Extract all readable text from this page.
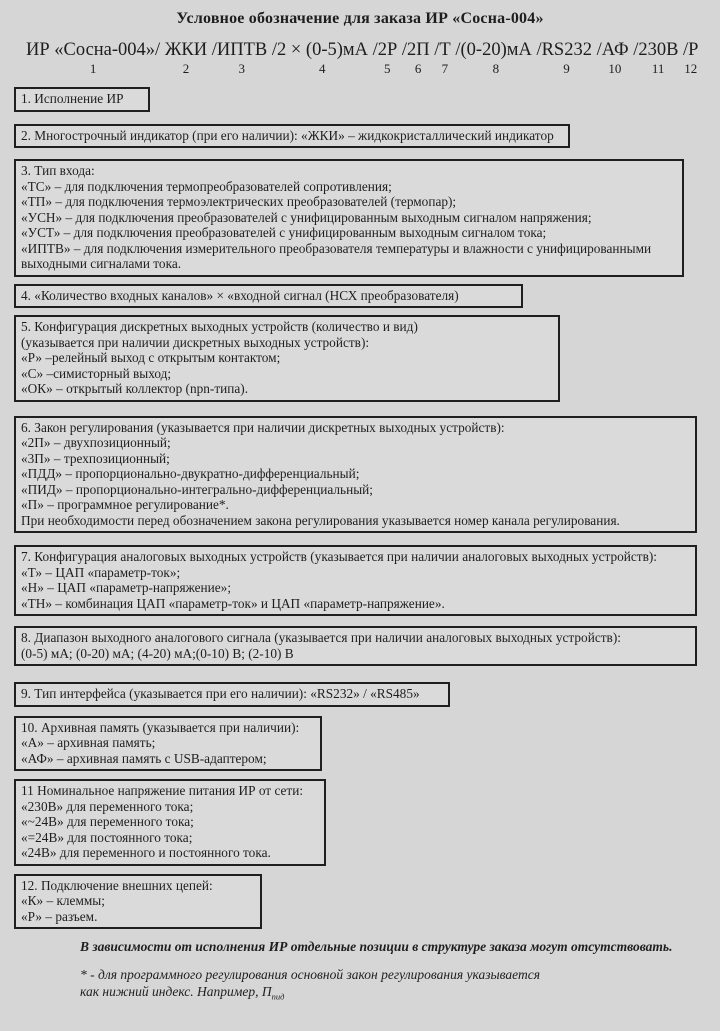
Условное обозначение для заказа ИР «Сосна-004»
ИР «Сосна-004»/
1
ЖКИ
2
/ИПТВ
3
/2 × (0-5)мА
4
/2Р
5
/2П
6
/Т
7
/(0-20)мА
8
/RS232
9
/АФ
10
/230В
11
/Р
12
1. Исполнение ИР
2. Многострочный индикатор (при его наличии): «ЖКИ» – жидкокристаллический индикатор
3. Тип входа:
«ТС» – для подключения термопреобразователей сопротивления;
«ТП» – для подключения термоэлектрических преобразователей (термопар);
«УСН» – для подключения преобразователей с унифицированным выходным сигналом напряжения;
«УСТ» – для подключения преобразователей с унифицированным выходным сигналом тока;
«ИПТВ» – для подключения измерительного преобразователя температуры и влажности с унифицированными выходными сигналами тока.
4. «Количество входных каналов» × «входной сигнал (НСХ преобразователя)
5. Конфигурация дискретных выходных устройств (количество и вид)
(указывается при наличии дискретных выходных устройств):
«Р» –релейный выход с открытым контактом;
«С» –симисторный выход;
«ОК» – открытый коллектор (npn-типа).
6. Закон регулирования (указывается при наличии дискретных выходных устройств):
«2П» – двухпозиционный;
«3П» – трехпозиционный;
«ПДД» – пропорционально-двукратно-дифференциальный;
«ПИД» – пропорционально-интегрально-дифференциальный;
«П» – программное регулирование*.
При необходимости перед обозначением закона регулирования указывается номер канала регулирования.
7. Конфигурация аналоговых выходных устройств (указывается при наличии аналоговых выходных устройств):
«Т» – ЦАП «параметр-ток»;
«Н» – ЦАП «параметр-напряжение»;
«ТН» – комбинация ЦАП «параметр-ток» и ЦАП «параметр-напряжение».
8. Диапазон выходного аналогового сигнала (указывается при наличии аналоговых выходных устройств):
(0-5) мА; (0-20) мА; (4-20) мА;(0-10) В; (2-10) В
9. Тип интерфейса (указывается при его наличии): «RS232» / «RS485»
10. Архивная память (указывается при наличии):
«А» – архивная память;
«АФ» – архивная память с USB-адаптером;
11 Номинальное напряжение питания ИР от сети:
«230В» для переменного тока;
«~24В» для переменного тока;
«=24В» для постоянного тока;
«24В» для переменного и постоянного тока.
12. Подключение внешних цепей:
«К» – клеммы;
«Р» – разъем.
В зависимости от исполнения ИР отдельные позиции в структуре заказа могут отсутствовать.
* - для программного регулирования основной закон регулирования указывается
как нижний индекс. Например, $П_{пид}$
